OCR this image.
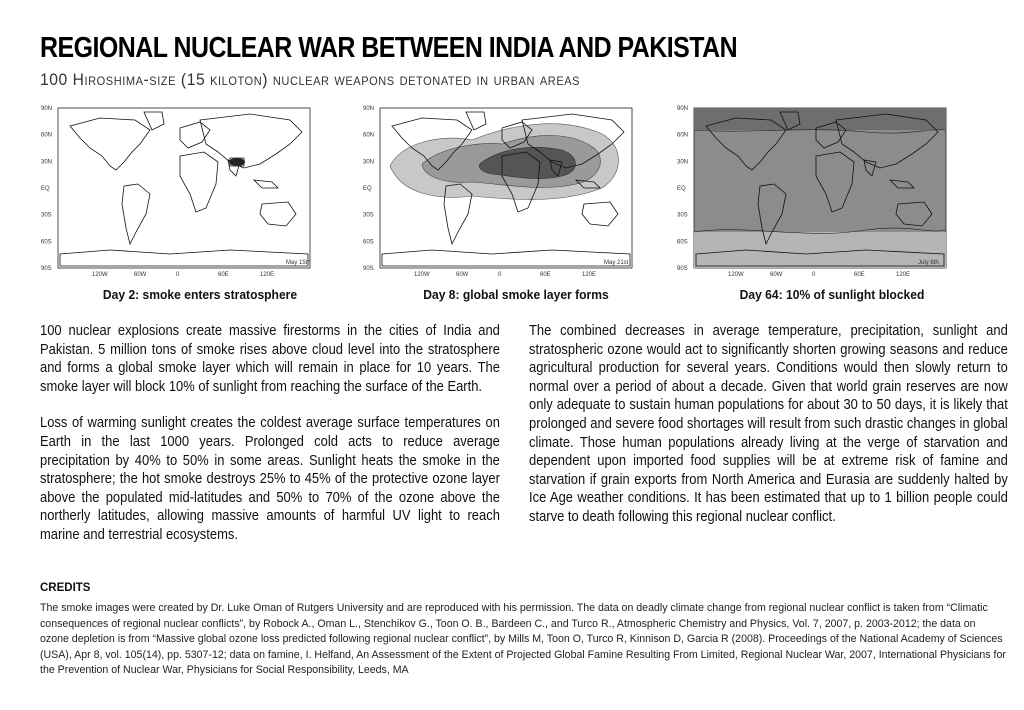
REGIONAL NUCLEAR WAR BETWEEN INDIA AND PAKISTAN
100 Hiroshima-size (15 kiloton) nuclear weapons detonated in urban areas
90N
60N
30N
EQ
30S
60S
90S
May 15th
120W	60W	0	60E	120E
Day 2: smoke enters stratosphere
90N
60N
30N
EQ
30S
60S
90S
May 21st
120W	60W	0	60E	120E
Day 8: global smoke layer forms
90N
60N
30N
EQ
30S
60S
90S
July 6th
120W	60W	0	60E	120E
Day 64: 10% of sunlight blocked

100 nuclear explosions create massive firestorms in the cities of India and Pakistan. 5 million tons of smoke rises above cloud level into the stratosphere and forms a global smoke layer which will remain in place for 10 years. The smoke layer will block 10% of sunlight from reaching the surface of the Earth.

Loss of warming sunlight creates the coldest average surface temperatures on Earth in the last 1000 years. Prolonged cold acts to reduce average precipitation by 40% to 50% in some areas. Sunlight heats the smoke in the stratosphere; the hot smoke destroys 25% to 45% of the protective ozone layer above the populated mid-latitudes and 50% to 70% of the ozone above the northerly latitudes, allowing massive amounts of harmful UV light to reach marine and terrestrial ecosystems.

The combined decreases in average temperature, precipitation, sunlight and stratospheric ozone would act to significantly shorten growing seasons and reduce agricultural production for several years. Conditions would then slowly return to normal over a period of about a decade. Given that world grain reserves are now only adequate to sustain human populations for about 30 to 50 days, it is likely that prolonged and severe food shortages will result from such drastic changes in global climate. Those human populations already living at the verge of starvation and dependent upon imported food supplies will be at extreme risk of famine and starvation if grain exports from North America and Eurasia are suddenly halted by Ice Age weather conditions. It has been estimated that up to 1 billion people could starve to death following this regional nuclear conflict.

CREDITS

The smoke images were created by Dr. Luke Oman of Rutgers University and are reproduced with his permission. The data on deadly climate change from regional nuclear conflict is taken from “Climatic consequences of regional nuclear conflicts”, by Robock A., Oman L., Stenchikov G., Toon O. B., Bardeen C., and Turco R., Atmospheric Chemistry and Physics, Vol. 7, 2007, p. 2003-2012; the data on ozone depletion is from “Massive global ozone loss predicted following regional nuclear conflict”, by Mills M, Toon O, Turco R, Kinnison D, Garcia R (2008). Proceedings of the National Academy of Sciences (USA), Apr 8, vol. 105(14), pp. 5307-12; data on famine, I. Helfand, An Assessment of the Extent of Projected Global Famine Resulting From Limited, Regional Nuclear War, 2007, International Physicians for the Prevention of Nuclear War, Physicians for Social Responsibility, Leeds, MA
